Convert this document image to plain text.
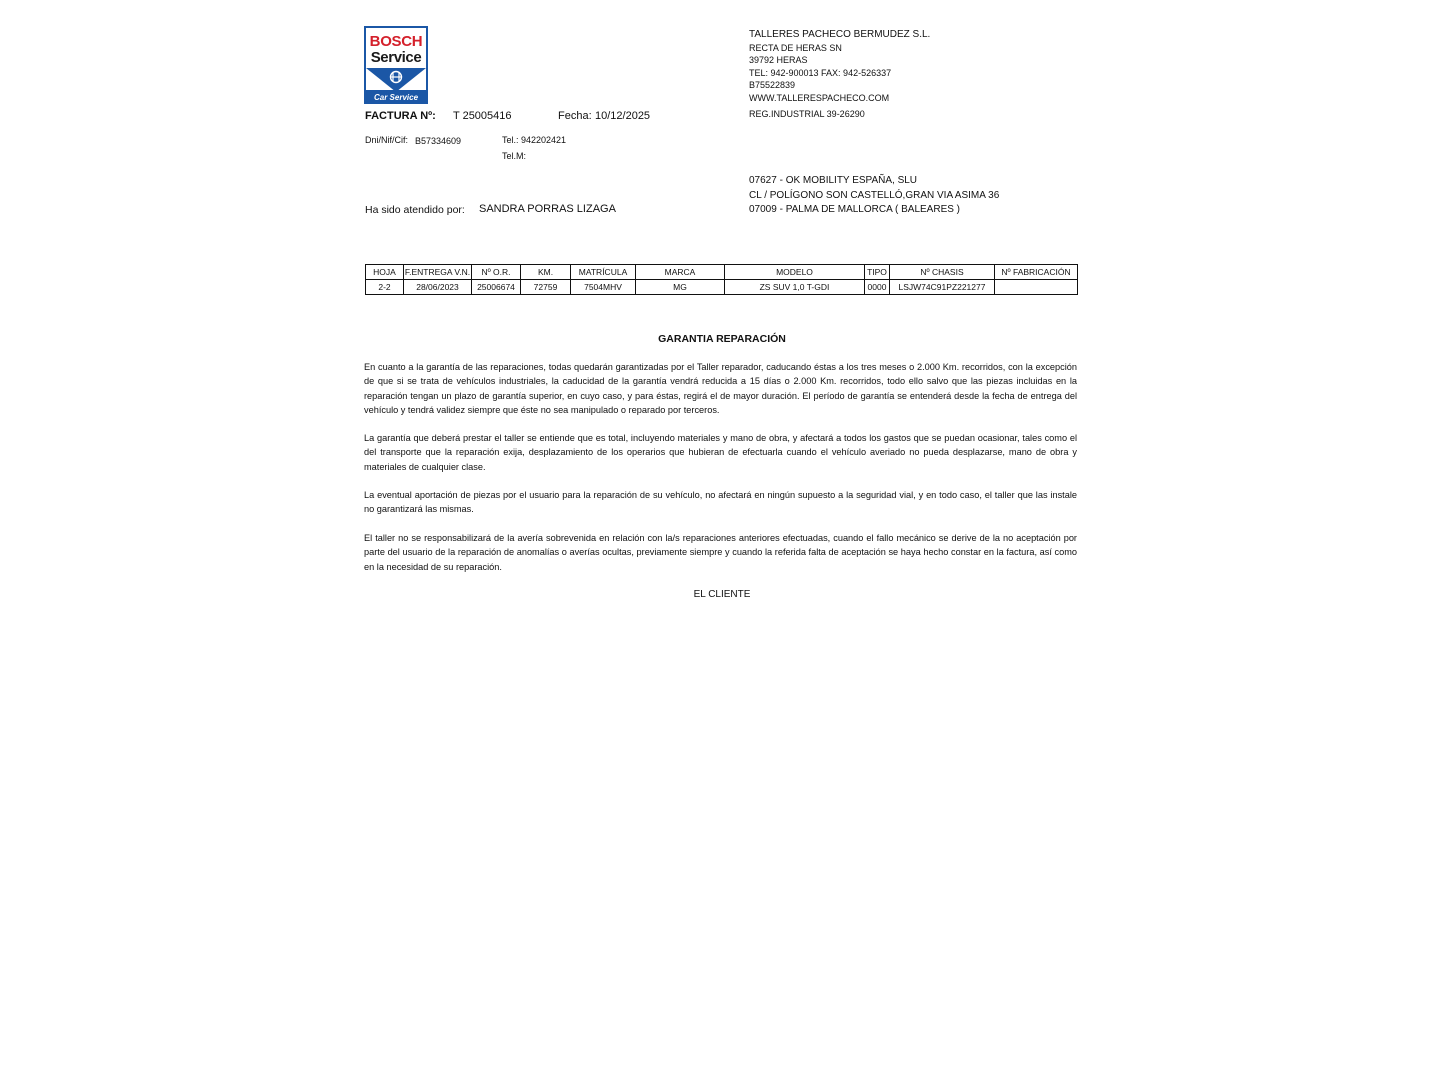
BOSCH
Service
Car Service
TALLERES PACHECO BERMUDEZ S.L.
RECTA DE HERAS SN
39792 HERAS
TEL: 942-900013 FAX: 942-526337
B75522839
WWW.TALLERESPACHECO.COM
REG.INDUSTRIAL 39-26290
FACTURA Nº: T 25005416	Fecha: 10/12/2025
Dni/Nif/Cif: B57334609	Tel.: 942202421
Tel.M:
07627 - OK MOBILITY ESPAÑA, SLU
CL / POLÍGONO SON CASTELLÓ,GRAN VIA ASIMA 36
07009 - PALMA DE MALLORCA ( BALEARES )
Ha sido atendido por: SANDRA PORRAS LIZAGA
HOJA	F.ENTREGA V.N.	Nº O.R.	KM.	MATRÍCULA	MARCA	MODELO	TIPO	Nº CHASIS	Nº FABRICACIÓN
2-2	28/06/2023	25006674	72759	7504MHV	MG	ZS SUV 1,0 T-GDI	0000	LSJW74C91PZ221277	
GARANTIA REPARACIÓN

En cuanto a la garantía de las reparaciones, todas quedarán garantizadas por el Taller reparador, caducando éstas a los tres meses o 2.000 Km. recorridos, con la excepción de que si se trata de vehículos industriales, la caducidad de la garantía vendrá reducida a 15 días o 2.000 Km. recorridos, todo ello salvo que las piezas incluidas en la reparación tengan un plazo de garantía superior, en cuyo caso, y para éstas, regirá el de mayor duración. El período de garantía se entenderá desde la fecha de entrega del vehículo y tendrá validez siempre que éste no sea manipulado o reparado por terceros.

La garantía que deberá prestar el taller se entiende que es total, incluyendo materiales y mano de obra, y afectará a todos los gastos que se puedan ocasionar, tales como el del transporte que la reparación exija, desplazamiento de los operarios que hubieran de efectuarla cuando el vehículo averiado no pueda desplazarse, mano de obra y materiales de cualquier clase.

La eventual aportación de piezas por el usuario para la reparación de su vehículo, no afectará en ningún supuesto a la seguridad vial, y en todo caso, el taller que las instale no garantizará las mismas.

El taller no se responsabilizará de la avería sobrevenida en relación con la/s reparaciones anteriores efectuadas, cuando el fallo mecánico se derive de la no aceptación por parte del usuario de la reparación de anomalías o averías ocultas, previamente siempre y cuando la referida falta de aceptación se haya hecho constar en la factura, así como en la necesidad de su reparación.

EL CLIENTE
